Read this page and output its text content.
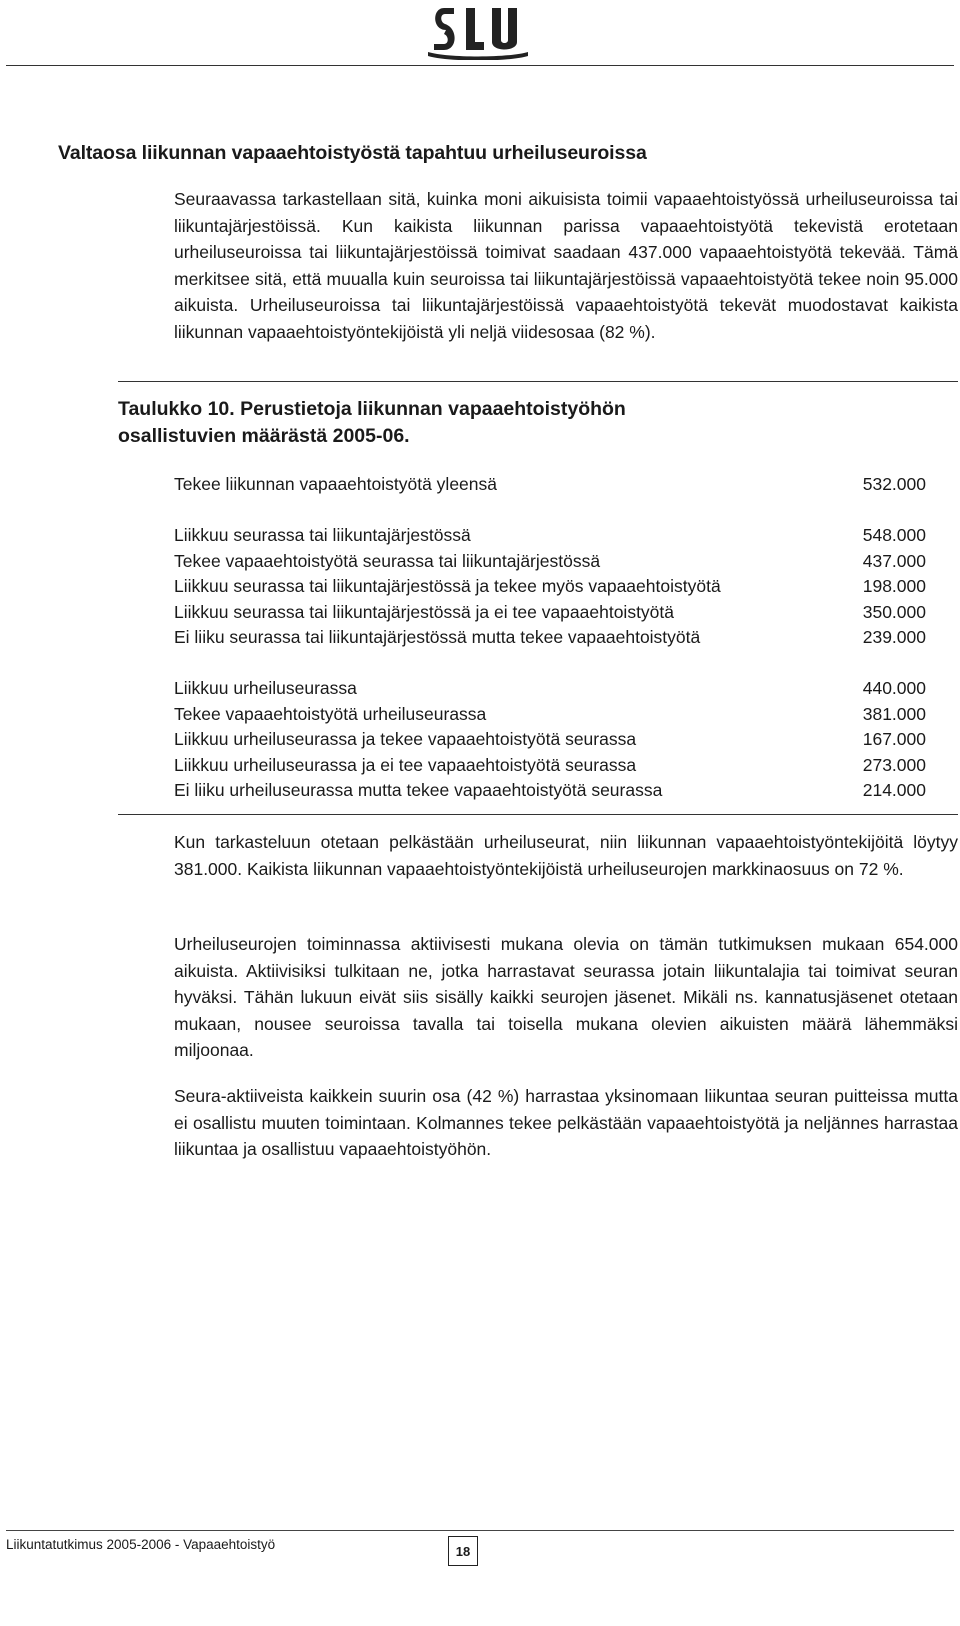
Valtaosa liikunnan vapaaehtoistyöstä tapahtuu urheiluseuroissa

Seuraavassa tarkastellaan sitä, kuinka moni aikuisista toimii vapaaehtoistyössä urheiluseuroissa tai liikuntajärjestöissä. Kun kaikista liikunnan parissa vapaaehtoistyötä tekevistä erotetaan urheiluseuroissa tai liikuntajärjestöissä toimivat saadaan 437.000 vapaaehtoistyötä tekevää. Tämä merkitsee sitä, että muualla kuin seuroissa tai liikuntajärjestöissä vapaaehtoistyötä tekee noin 95.000 aikuista. Urheiluseuroissa tai liikuntajärjestöissä vapaaehtoistyötä tekevät muodostavat kaikista liikunnan vapaaehtoistyöntekijöistä yli neljä viidesosaa (82 %).

Taulukko 10. Perustietoja liikunnan vapaaehtoistyöhön osallistuvien määrästä 2005-06.

Tekee liikunnan vapaaehtoistyötä yleensä	532.000
Liikkuu seurassa tai liikuntajärjestössä	548.000
Tekee vapaaehtoistyötä seurassa tai liikuntajärjestössä	437.000
Liikkuu seurassa tai liikuntajärjestössä ja tekee myös vapaaehtoistyötä	198.000
Liikkuu seurassa tai liikuntajärjestössä ja ei tee vapaaehtoistyötä	350.000
Ei liiku seurassa tai liikuntajärjestössä mutta tekee vapaaehtoistyötä	239.000
Liikkuu urheiluseurassa	440.000
Tekee vapaaehtoistyötä urheiluseurassa	381.000
Liikkuu urheiluseurassa ja tekee vapaaehtoistyötä seurassa	167.000
Liikkuu urheiluseurassa ja ei tee vapaaehtoistyötä seurassa	273.000
Ei liiku urheiluseurassa mutta tekee vapaaehtoistyötä seurassa	214.000

Kun tarkasteluun otetaan pelkästään urheiluseurat, niin liikunnan vapaaehtoistyöntekijöitä löytyy 381.000. Kaikista liikunnan vapaaehtoistyöntekijöistä urheiluseurojen markkinaosuus on 72 %.

Urheiluseurojen toiminnassa aktiivisesti mukana olevia on tämän tutkimuksen mukaan 654.000 aikuista. Aktiivisiksi tulkitaan ne, jotka harrastavat seurassa jotain liikuntalajia tai toimivat seuran hyväksi. Tähän lukuun eivät siis sisälly kaikki seurojen jäsenet. Mikäli ns. kannatusjäsenet otetaan mukaan, nousee seuroissa tavalla tai toisella mukana olevien aikuisten määrä lähemmäksi miljoonaa.

Seura-aktiiveista kaikkein suurin osa (42 %) harrastaa yksinomaan liikuntaa seuran puitteissa mutta ei osallistu muuten toimintaan. Kolmannes tekee pelkästään vapaaehtoistyötä ja neljännes harrastaa liikuntaa ja osallistuu vapaaehtoistyöhön.

Liikuntatutkimus 2005-2006 - Vapaaehtoistyö	18
